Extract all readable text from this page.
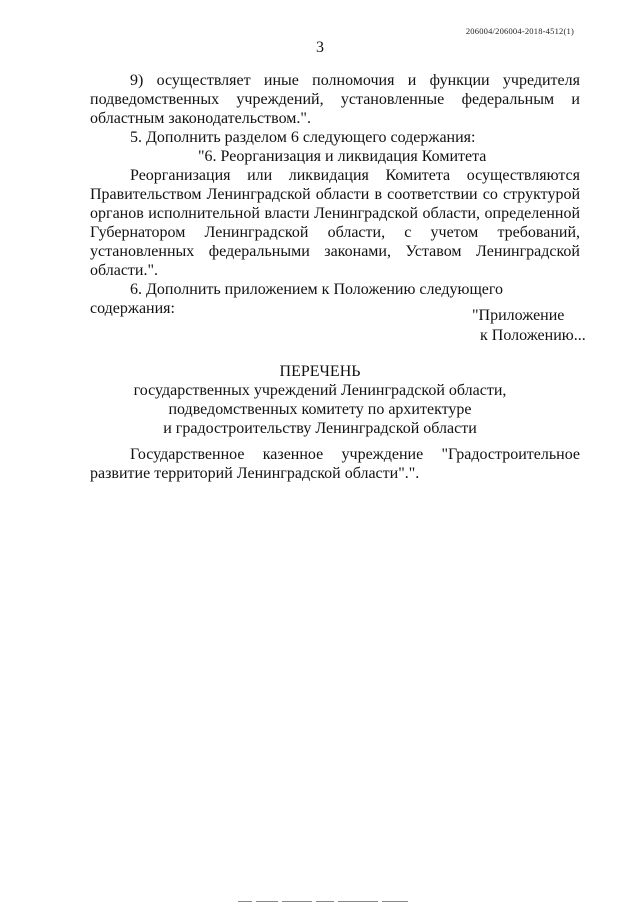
206004/206004-2018-4512(1)
3

9) осуществляет иные полномочия и функции учредителя подведомственных учреждений, установленные федеральным и областным законодательством.".

5. Дополнить разделом 6 следующего содержания:

"6. Реорганизация и ликвидация Комитета

Реорганизация или ликвидация Комитета осуществляются Правительством Ленинградской области в соответствии со структурой органов исполнительной власти Ленинградской области, определенной Губернатором Ленинградской области, с учетом требований, установленных федеральными законами, Уставом Ленинградской области.".

6. Дополнить приложением к Положению следующего содержания:	"Приложение
к Положению...
ПЕРЕЧЕНЬ
государственных учреждений Ленинградской области,
подведомственных комитету по архитектуре
и градостроительству Ленинградской области
Государственное казенное учреждение "Градостроительное развитие территорий Ленинградской области".".
